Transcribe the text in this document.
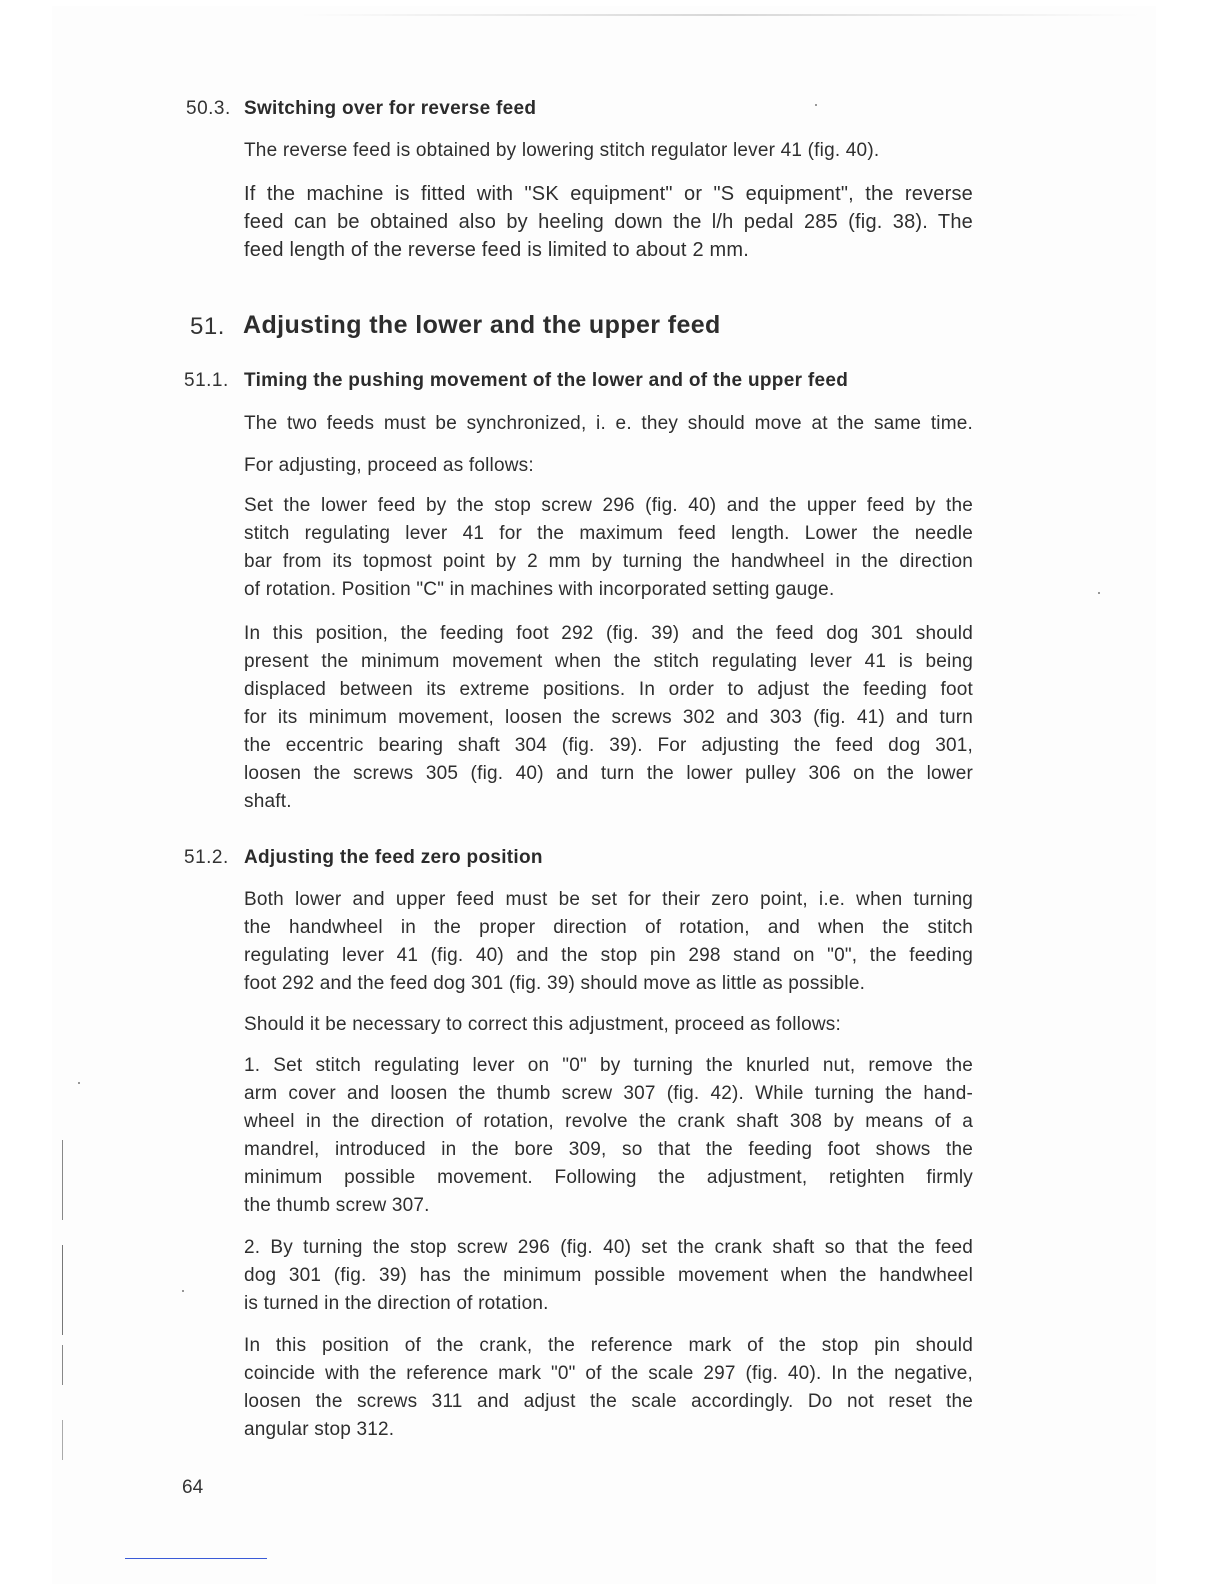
50.3. Switching over for reverse feed
The reverse feed is obtained by lowering stitch regulator lever 41 (fig. 40).
If the machine is fitted with "SK equipment" or "S equipment", the reverse
feed can be obtained also by heeling down the l/h pedal 285 (fig. 38). The
feed length of the reverse feed is limited to about 2 mm.
51. Adjusting the lower and the upper feed
51.1. Timing the pushing movement of the lower and of the upper feed
The two feeds must be synchronized, i. e. they should move at the same time.
For adjusting, proceed as follows:
Set the lower feed by the stop screw 296 (fig. 40) and the upper feed by the
stitch regulating lever 41 for the maximum feed length. Lower the needle
bar from its topmost point by 2 mm by turning the handwheel in the direction
of rotation. Position "C" in machines with incorporated setting gauge.
In this position, the feeding foot 292 (fig. 39) and the feed dog 301 should
present the minimum movement when the stitch regulating lever 41 is being
displaced between its extreme positions. In order to adjust the feeding foot
for its minimum movement, loosen the screws 302 and 303 (fig. 41) and turn
the eccentric bearing shaft 304 (fig. 39). For adjusting the feed dog 301,
loosen the screws 305 (fig. 40) and turn the lower pulley 306 on the lower
shaft.
51.2. Adjusting the feed zero position
Both lower and upper feed must be set for their zero point, i.e. when turning
the handwheel in the proper direction of rotation, and when the stitch
regulating lever 41 (fig. 40) and the stop pin 298 stand on "0", the feeding
foot 292 and the feed dog 301 (fig. 39) should move as little as possible.
Should it be necessary to correct this adjustment, proceed as follows:
1. Set stitch regulating lever on "0" by turning the knurled nut, remove the
arm cover and loosen the thumb screw 307 (fig. 42). While turning the hand-
wheel in the direction of rotation, revolve the crank shaft 308 by means of a
mandrel, introduced in the bore 309, so that the feeding foot shows the
minimum possible movement. Following the adjustment, retighten firmly
the thumb screw 307.
2. By turning the stop screw 296 (fig. 40) set the crank shaft so that the feed
dog 301 (fig. 39) has the minimum possible movement when the handwheel
is turned in the direction of rotation.
In this position of the crank, the reference mark of the stop pin should
coincide with the reference mark "0" of the scale 297 (fig. 40). In the negative,
loosen the screws 311 and adjust the scale accordingly. Do not reset the
angular stop 312.
64
